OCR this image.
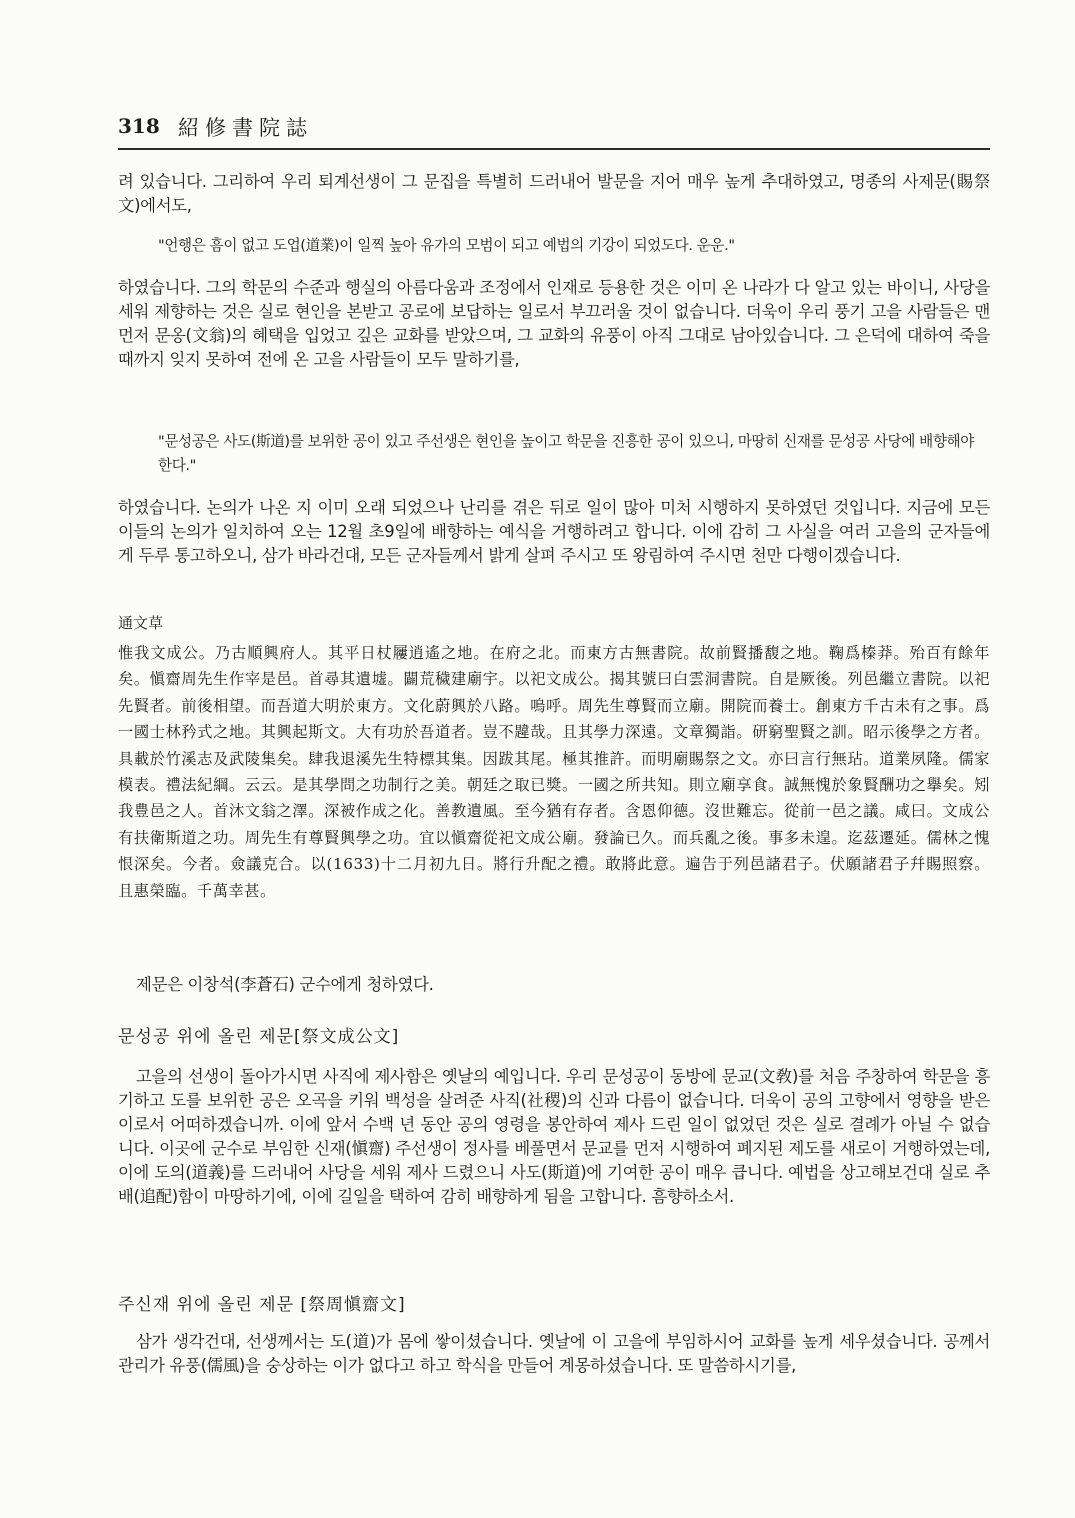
318 紹修書院誌
려 있습니다. 그리하여 우리 퇴계선생이 그 문집을 특별히 드러내어 발문을 지어 매우 높게 추대하였고, 명종의 사제문(賜祭文)에서도,
"언행은 흠이 없고 도업(道業)이 일찍 높아 유가의 모범이 되고 예법의 기강이 되었도다. 운운."
하였습니다. 그의 학문의 수준과 행실의 아름다움과 조정에서 인재로 등용한 것은 이미 온 나라가 다 알고 있는 바이니, 사당을 세워 제향하는 것은 실로 현인을 본받고 공로에 보답하는 일로서 부끄러울 것이 없습니다. 더욱이 우리 풍기 고을 사람들은 맨 먼저 문옹(文翁)의 혜택을 입었고 깊은 교화를 받았으며, 그 교화의 유풍이 아직 그대로 남아있습니다. 그 은덕에 대하여 죽을 때까지 잊지 못하여 전에 온 고을 사람들이 모두 말하기를,
"문성공은 사도(斯道)를 보위한 공이 있고 주선생은 현인을 높이고 학문을 진흥한 공이 있으니, 마땅히 신재를 문성공 사당에 배향해야 한다."
하였습니다. 논의가 나온 지 이미 오래 되었으나 난리를 겪은 뒤로 일이 많아 미처 시행하지 못하였던 것입니다. 지금에 모든 이들의 논의가 일치하여 오는 12월 초9일에 배향하는 예식을 거행하려고 합니다. 이에 감히 그 사실을 여러 고을의 군자들에게 두루 통고하오니, 삼가 바라건대, 모든 군자들께서 밝게 살펴 주시고 또 왕림하여 주시면 천만 다행이겠습니다.
通文草
惟我文成公。乃古順興府人。其平日杖屨逍遙之地。在府之北。而東方古無書院。故前賢播馥之地。鞠爲榛莽。殆百有餘年矣。愼齋周先生作宰是邑。首尋其遺墟。闢荒穢建廟宇。以祀文成公。揭其號曰白雲洞書院。自是厥後。列邑繼立書院。以祀先賢者。前後相望。而吾道大明於東方。文化蔚興於八路。嗚呼。周先生尊賢而立廟。開院而養士。創東方千古未有之事。爲一國士林矜式之地。其興起斯文。大有功於吾道者。豈不韙哉。且其學力深遠。文章獨詣。研窮聖賢之訓。昭示後學之方者。具載於竹溪志及武陵集矣。肆我退溪先生特標其集。因跋其尾。極其推許。而明廟賜祭之文。亦曰言行無玷。道業夙隆。儒家模表。禮法紀綱。云云。是其學問之功制行之美。朝廷之取已獎。一國之所共知。則立廟享食。誠無愧於象賢酬功之擧矣。矧我豊邑之人。首沐文翁之澤。深被作成之化。善教遺風。至今猶有存者。含恩仰德。沒世難忘。從前一邑之議。咸曰。文成公有扶衛斯道之功。周先生有尊賢興學之功。宜以愼齋從祀文成公廟。發論已久。而兵亂之後。事多未遑。迄茲遷延。儒林之愧恨深矣。今者。僉議克合。以(1633)十二月初九日。將行升配之禮。敢將此意。遍告于列邑諸君子。伏願諸君子幷賜照察。且惠榮臨。千萬幸甚。
제문은 이창석(李蒼石) 군수에게 청하였다.
문성공 위에 올린 제문[祭文成公文]
고을의 선생이 돌아가시면 사직에 제사함은 옛날의 예입니다. 우리 문성공이 동방에 문교(文敎)를 처음 주창하여 학문을 흥기하고 도를 보위한 공은 오곡을 키워 백성을 살려준 사직(社稷)의 신과 다름이 없습니다. 더욱이 공의 고향에서 영향을 받은 이로서 어떠하겠습니까. 이에 앞서 수백 년 동안 공의 영령을 봉안하여 제사 드린 일이 없었던 것은 실로 결례가 아닐 수 없습니다. 이곳에 군수로 부임한 신재(愼齋) 주선생이 정사를 베풀면서 문교를 먼저 시행하여 폐지된 제도를 새로이 거행하였는데, 이에 도의(道義)를 드러내어 사당을 세워 제사 드렸으니 사도(斯道)에 기여한 공이 매우 큽니다. 예법을 상고해보건대 실로 추배(追配)함이 마땅하기에, 이에 길일을 택하여 감히 배향하게 됨을 고합니다. 흠향하소서.
주신재 위에 올린 제문 [祭周愼齋文]
삼가 생각건대, 선생께서는 도(道)가 몸에 쌓이셨습니다. 옛날에 이 고을에 부임하시어 교화를 높게 세우셨습니다. 공께서 관리가 유풍(儒風)을 숭상하는 이가 없다고 하고 학식을 만들어 계몽하셨습니다. 또 말씀하시기를,
